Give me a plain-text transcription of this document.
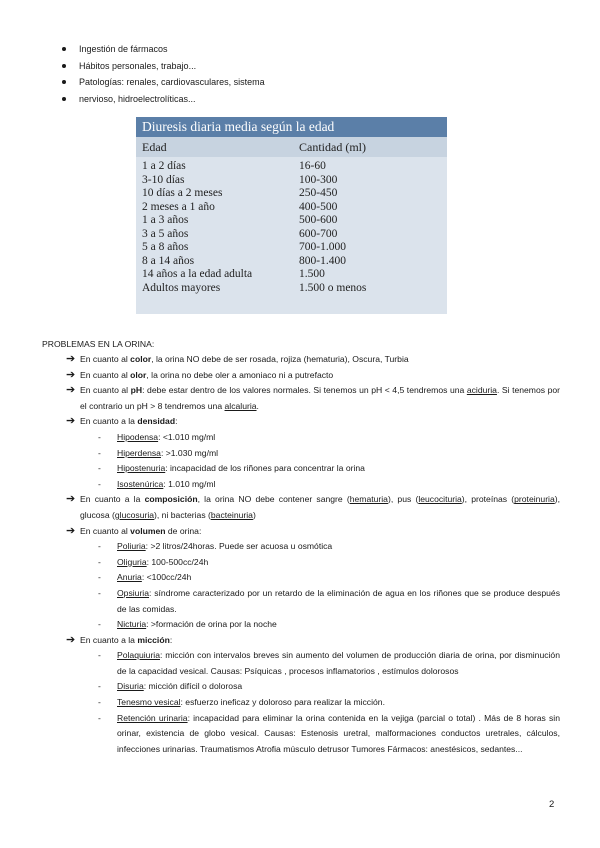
Ingestión de fármacos
Hábitos personales, trabajo...
Patologías: renales, cardiovasculares, sistema
nervioso, hidroelectrolíticas...
Diuresis diaria media según la edad
Edad	Cantidad (ml)
1 a 2 días	16-60
3-10 días	100-300
10 días a 2 meses	250-450
2 meses a 1 año	400-500
1 a 3 años	500-600
3 a 5 años	600-700
5 a 8 años	700-1.000
8 a 14 años	800-1.400
14 años a la edad adulta	1.500
Adultos mayores	1.500 o menos
PROBLEMAS EN LA ORINA:
➔ En cuanto al color, la orina NO debe de ser rosada, rojiza (hematuria), Oscura, Turbia
➔ En cuanto al olor, la orina no debe oler a amoniaco ni a putrefacto
➔ En cuanto al pH: debe estar dentro de los valores normales. Si tenemos un pH < 4,5 tendremos una aciduria. Si tenemos por el contrario un pH > 8 tendremos una alcaluria.
➔ En cuanto a la densidad:
- Hipodensa: <1.010 mg/ml
- Hiperdensa: >1.030 mg/ml
- Hipostenuria: incapacidad de los riñones para concentrar la orina
- Isostenúrica: 1.010 mg/ml
➔ En cuanto a la composición, la orina NO debe contener sangre (hematuria), pus (leucocituria), proteínas (proteinuria), glucosa (glucosuria), ni bacterias (bacteinuria)
➔ En cuanto al volumen de orina:
- Poliuria: >2 litros/24horas. Puede ser acuosa u osmótica
- Oliguria: 100-500cc/24h
- Anuria: <100cc/24h
- Opsiuria: síndrome caracterizado por un retardo de la eliminación de agua en los riñones que se produce después de las comidas.
- Nicturia: >formación de orina por la noche
➔ En cuanto a la micción:
- Polaquiuria: micción con intervalos breves sin aumento del volumen de producción diaria de orina, por disminución de la capacidad vesical. Causas: Psíquicas , procesos inflamatorios , estímulos dolorosos
- Disuria: micción difícil o dolorosa
- Tenesmo vesical: esfuerzo ineficaz y doloroso para realizar la micción.
- Retención urinaria: incapacidad para eliminar la orina contenida en la vejiga (parcial o total) . Más de 8 horas sin orinar, existencia de globo vesical. Causas: Estenosis uretral, malformaciones conductos uretrales, cálculos, infecciones urinarias. Traumatismos Atrofia músculo detrusor Tumores Fármacos: anestésicos, sedantes...
2
